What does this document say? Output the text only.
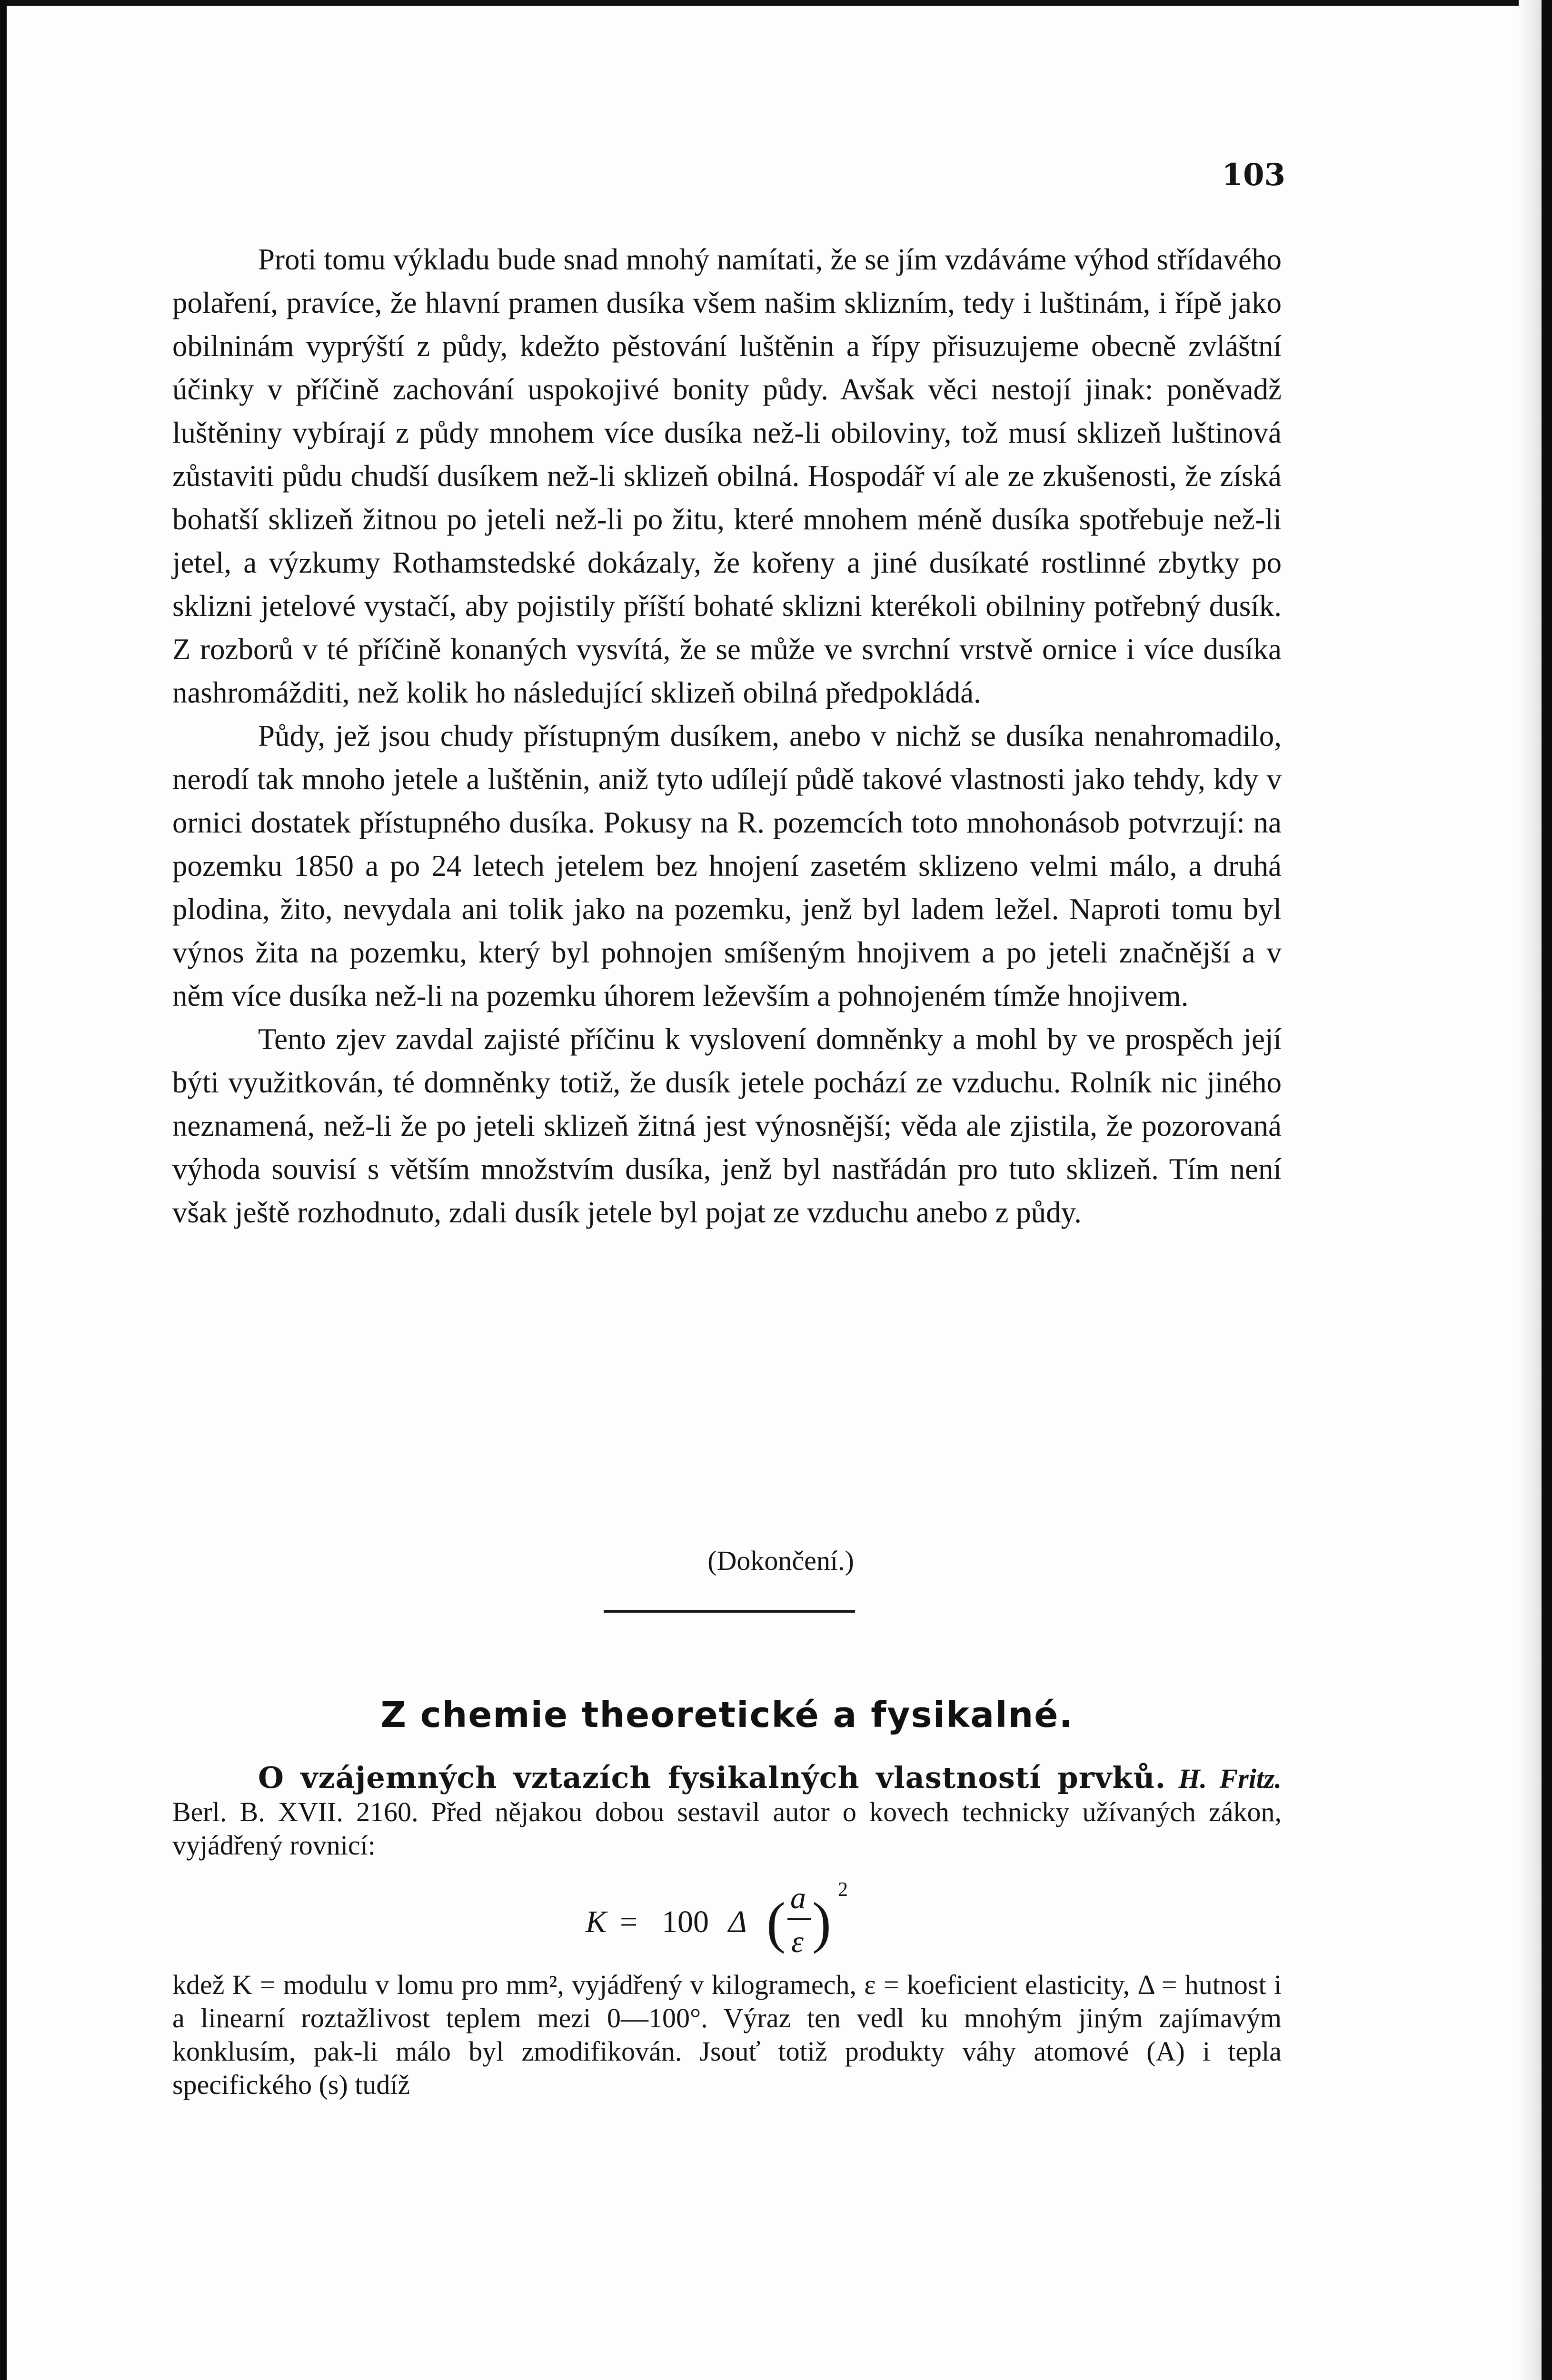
103

Proti tomu výkladu bude snad mnohý namítati, že se jím vzdáváme výhod střídavého polaření, pravíce, že hlavní pramen dusíka všem našim sklizním, tedy i luštinám, i řípě jako obilninám vyprýští z půdy, kdežto pěstování luštěnin a řípy přisuzujeme obecně zvláštní účinky v příčině zachování uspokojivé bonity půdy. Avšak věci nestojí jinak: poněvadž luštěniny vybírají z půdy mnohem více dusíka než-li obiloviny, tož musí sklizeň luštinová zůstaviti půdu chudší dusíkem než-li sklizeň obilná. Hospodář ví ale ze zkušenosti, že získá bohatší sklizeň žitnou po jeteli než-li po žitu, které mnohem méně dusíka spotřebuje než-li jetel, a výzkumy Rothamstedské dokázaly, že kořeny a jiné dusíkaté rostlinné zbytky po sklizni jetelové vystačí, aby pojistily příští bohaté sklizni kterékoli obilniny potřebný dusík. Z rozborů v té příčině konaných vysvítá, že se může ve svrchní vrstvě ornice i více dusíka nashromážditi, než kolik ho následující sklizeň obilná předpokládá.

Půdy, jež jsou chudy přístupným dusíkem, anebo v nichž se dusíka nenahromadilo, nerodí tak mnoho jetele a luštěnin, aniž tyto udílejí půdě takové vlastnosti jako tehdy, kdy v ornici dostatek přístupného dusíka. Pokusy na R. pozemcích toto mnohonásob potvrzují: na pozemku 1850 a po 24 letech jetelem bez hnojení zasetém sklizeno velmi málo, a druhá plodina, žito, nevydala ani tolik jako na pozemku, jenž byl ladem ležel. Naproti tomu byl výnos žita na pozemku, který byl pohnojen smíšeným hnojivem a po jeteli značnější a v něm více dusíka než-li na pozemku úhorem leževším a pohnojeném tímže hnojivem.

Tento zjev zavdal zajisté příčinu k vyslovení domněnky a mohl by ve prospěch její býti využitkován, té domněnky totiž, že dusík jetele pochází ze vzduchu. Rolník nic jiného neznamená, než-li že po jeteli sklizeň žitná jest výnosnější; věda ale zjistila, že pozorovaná výhoda souvisí s větším množstvím dusíka, jenž byl nastřádán pro tuto sklizeň. Tím není však ještě rozhodnuto, zdali dusík jetele byl pojat ze vzduchu anebo z půdy.

(Dokončení.)
Z chemie theoretické a fysikalné.

O vzájemných vztazích fysikalných vlastností prvků. H. Fritz. Berl. B. XVII. 2160. Před nějakou dobou sestavil autor o kovech technicky užívaných zákon, vyjádřený rovnicí:

K = 100 Δ ( a
ε )
2

kdež K = modulu v lomu pro mm², vyjádřený v kilogramech, ε = koeficient elasticity, Δ = hutnost i a linearní roztažlivost teplem mezi 0—100°. Výraz ten vedl ku mnohým jiným zajímavým konklusím, pak-li málo byl zmodifikován. Jsouť totiž produkty váhy atomové (A) i tepla specifického (s) tudíž
